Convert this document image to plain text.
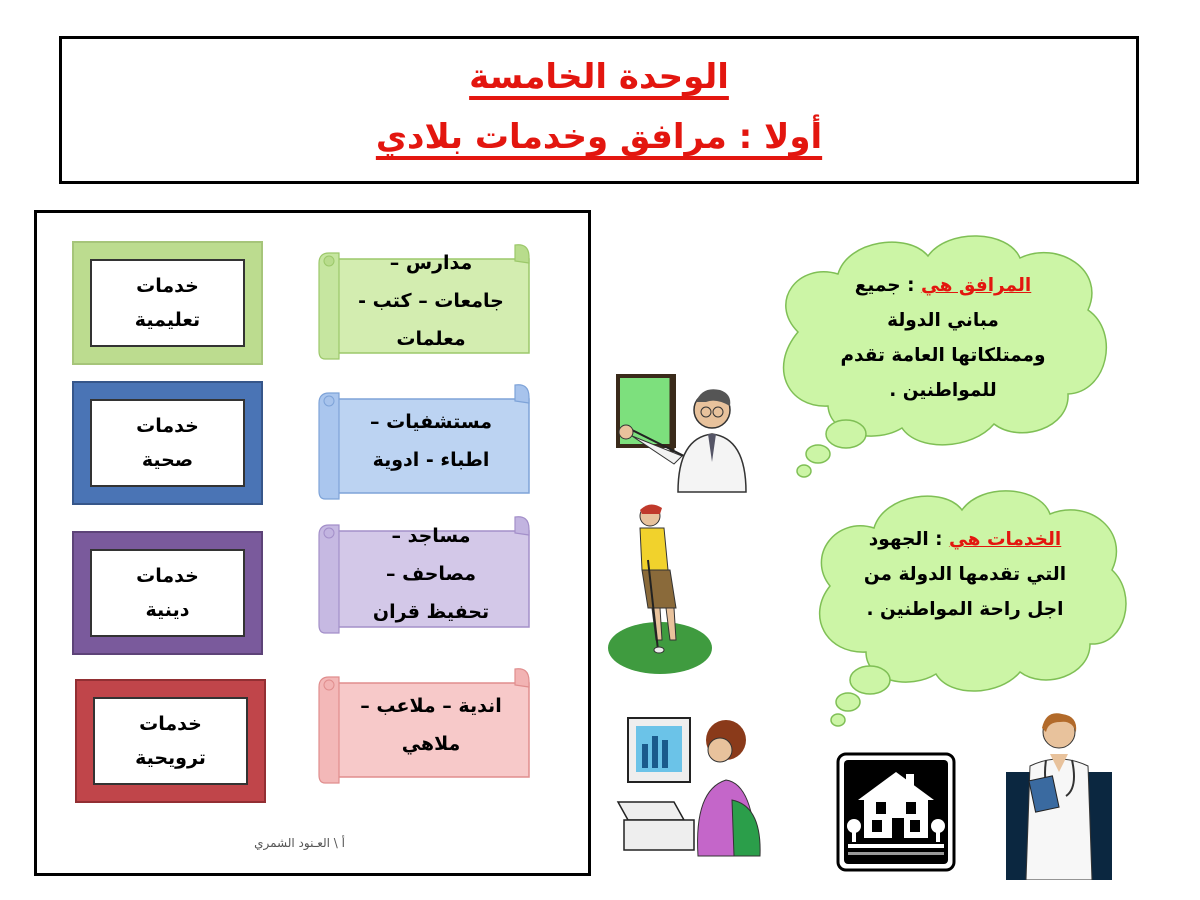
الوحدة الخامسة
أولا : مرافق وخدمات بلادي
خدمات
تعليمية
مدارس –
جامعات – كتب -
معلمات
خدمات
صحية
مستشفيات –
اطباء - ادوية
خدمات
دينية
مساجد –
مصاحف –
تحفيظ قران
خدمات
ترويحية
اندية – ملاعب –
ملاهي
أ \ العـنود الشمري
المرافق هي : جميع
مباني الدولة
وممتلكاتها العامة تقدم
للمواطنين .
الخدمات هي : الجهود
التي تقدمها الدولة من
اجل راحة المواطنين .
